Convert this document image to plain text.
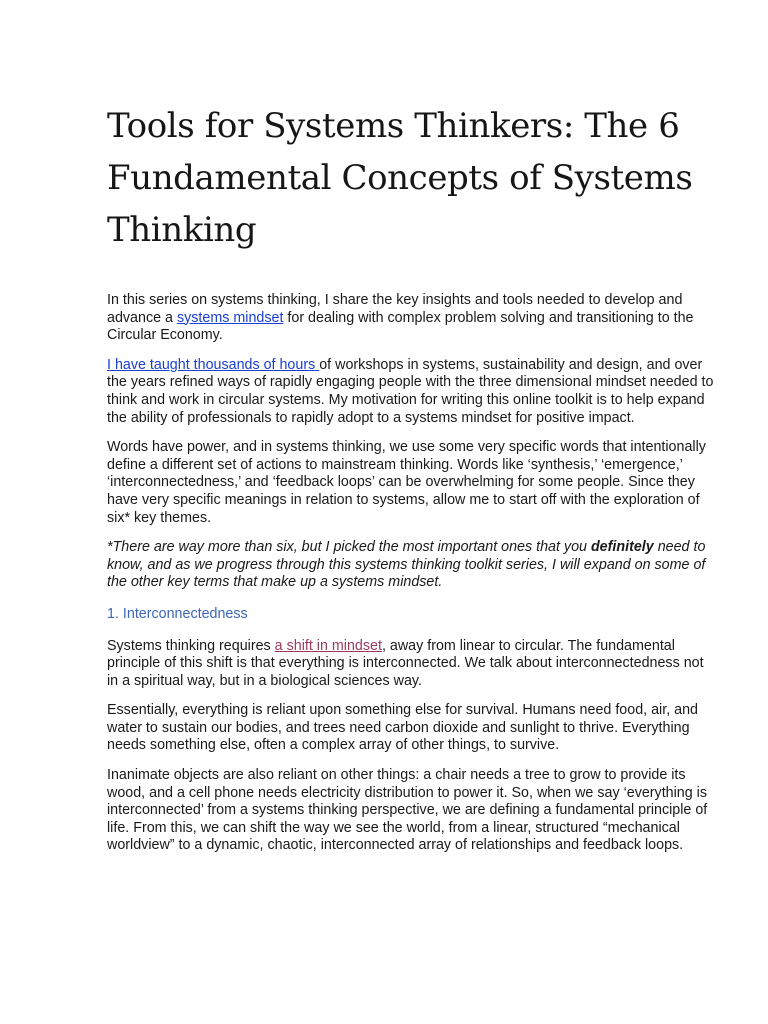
Tools for Systems Thinkers: The 6 Fundamental Concepts of Systems Thinking

In this series on systems thinking, I share the key insights and tools needed to develop and advance a systems mindset for dealing with complex problem solving and transitioning to the Circular Economy.

I have taught thousands of hours of workshops in systems, sustainability and design, and over the years refined ways of rapidly engaging people with the three dimensional mindset needed to think and work in circular systems. My motivation for writing this online toolkit is to help expand the ability of professionals to rapidly adopt to a systems mindset for positive impact.

Words have power, and in systems thinking, we use some very specific words that intentionally define a different set of actions to mainstream thinking. Words like ‘synthesis,’ ‘emergence,’ ‘interconnectedness,’ and ‘feedback loops’ can be overwhelming for some people. Since they have very specific meanings in relation to systems, allow me to start off with the exploration of six* key themes.

*There are way more than six, but I picked the most important ones that you definitely need to know, and as we progress through this systems thinking toolkit series, I will expand on some of the other key terms that make up a systems mindset.

1. Interconnectedness

Systems thinking requires a shift in mindset, away from linear to circular. The fundamental principle of this shift is that everything is interconnected. We talk about interconnectedness not in a spiritual way, but in a biological sciences way.

Essentially, everything is reliant upon something else for survival. Humans need food, air, and water to sustain our bodies, and trees need carbon dioxide and sunlight to thrive. Everything needs something else, often a complex array of other things, to survive.

Inanimate objects are also reliant on other things: a chair needs a tree to grow to provide its wood, and a cell phone needs electricity distribution to power it. So, when we say ‘everything is interconnected’ from a systems thinking perspective, we are defining a fundamental principle of life. From this, we can shift the way we see the world, from a linear, structured “mechanical worldview” to a dynamic, chaotic, interconnected array of relationships and feedback loops.
